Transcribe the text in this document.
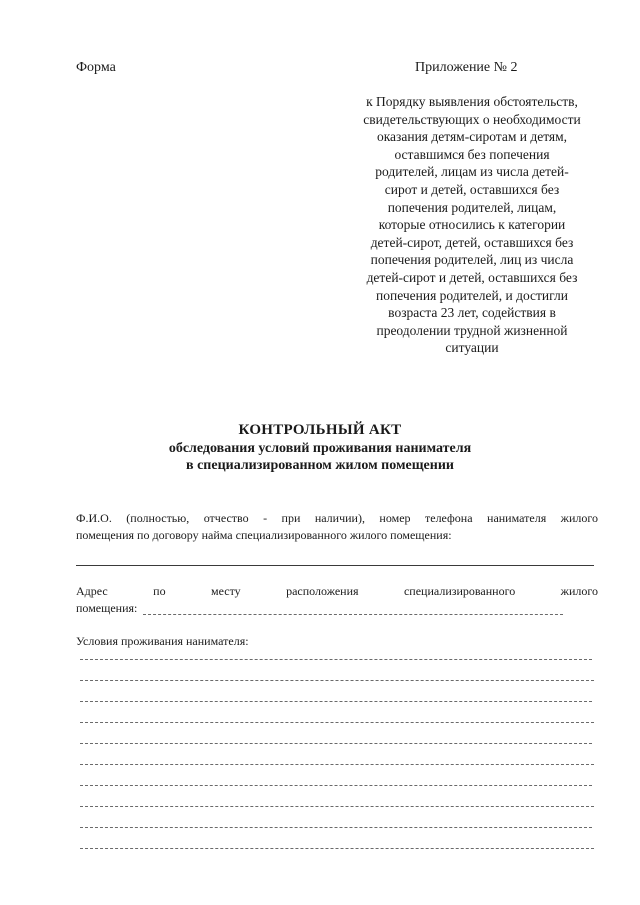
Форма	Приложение № 2
к Порядку выявления обстоятельств,
свидетельствующих о необходимости
оказания детям-сиротам и детям,
оставшимся без попечения
родителей, лицам из числа детей-
сирот и детей, оставшихся без
попечения родителей, лицам,
которые относились к категории
детей-сирот, детей, оставшихся без
попечения родителей, лиц из числа
детей-сирот и детей, оставшихся без
попечения родителей, и достигли
возраста 23 лет, содействия в
преодолении трудной жизненной
ситуации
КОНТРОЛЬНЫЙ АКТ
обследования условий проживания нанимателя
в специализированном жилом помещении
Ф.И.О. (полностью, отчество - при наличии), номер телефона нанимателя жилого
помещения по договору найма специализированного жилого помещения:
Адрес	по	месту	расположения	специализированного	жилого
помещения:
Условия проживания нанимателя:
